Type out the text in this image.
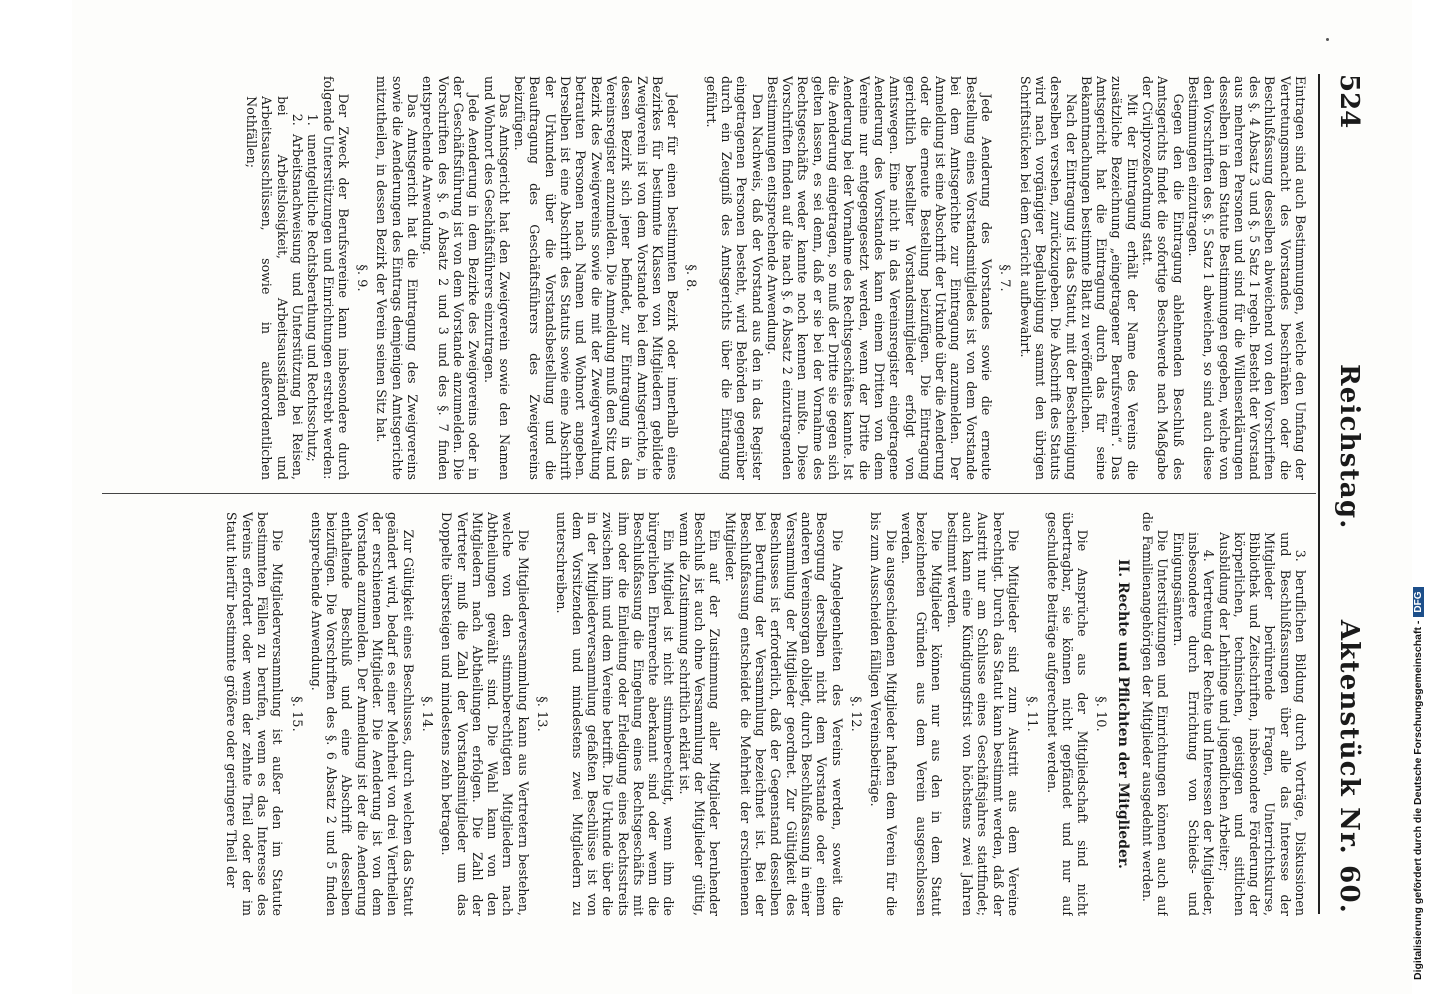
524
Reichstag.
Aktenstück Nr. 60.

Eintragen sind auch Bestimmungen, welche den Umfang der Vertretungsmacht des Vorstandes beschränken oder die Beschlußfassung desselben abweichend von den Vorschriften des §. 4 Absatz 3 und §. 5 Satz 1 regeln. Besteht der Vorstand aus mehreren Personen und sind für die Willenserklärungen desselben in dem Statute Bestimmungen gegeben, welche von den Vorschriften des §. 5 Satz 1 abweichen, so sind auch diese Bestimmungen einzutragen.

Gegen den die Eintragung ablehnenden Beschluß des Amtsgerichts findet die sofortige Beschwerde nach Maßgabe der Civilprozeßordnung statt.

Mit der Eintragung erhält der Name des Vereins die zusätzliche Bezeichnung „eingetragener Berufsverein“. Das Amtsgericht hat die Eintragung durch das für seine Bekanntmachungen bestimmte Blatt zu veröffentlichen.

Nach der Eintragung ist das Statut, mit der Bescheinigung derselben versehen, zurückzugeben. Die Abschrift des Statuts wird nach vorgängiger Beglaubigung sammt den übrigen Schriftstücken bei dem Gericht aufbewahrt.

§. 7.

Jede Aenderung des Vorstandes sowie die erneute Bestellung eines Vorstandsmitgliedes ist von dem Vorstande bei dem Amtsgerichte zur Eintragung anzumelden. Der Anmeldung ist eine Abschrift der Urkunde über die Aenderung oder die erneute Bestellung beizufügen. Die Eintragung gerichtlich bestellter Vorstandsmitglieder erfolgt von Amtswegen. Eine nicht in das Vereinsregister eingetragene Aenderung des Vorstandes kann einem Dritten von dem Vereine nur entgegengesetzt werden, wenn der Dritte die Aenderung bei der Vornahme des Rechtsgeschäftes kannte. Ist die Aenderung eingetragen, so muß der Dritte sie gegen sich gelten lassen, es sei denn, daß er sie bei der Vornahme des Rechtsgeschäfts weder kannte noch kennen mußte. Diese Vorschriften finden auf die nach §. 6 Absatz 2 einzutragenden Bestimmungen entsprechende Anwendung.

Den Nachweis, daß der Vorstand aus den in das Register eingetragenen Personen besteht, wird Behörden gegenüber durch ein Zeugniß des Amtsgerichts über die Eintragung geführt.

§. 8.

Jeder für einen bestimmten Bezirk oder innerhalb eines Bezirkes für bestimmte Klassen von Mitgliedern gebildete Zweigverein ist von dem Vorstande bei dem Amtsgerichte, in dessen Bezirk sich jener befindet, zur Eintragung in das Vereinsregister anzumelden. Die Anmeldung muß den Sitz und Bezirk des Zweigvereins sowie die mit der Zweigverwaltung betrauten Personen nach Namen und Wohnort angeben. Derselben ist eine Abschrift des Statuts sowie eine Abschrift der Urkunden über die Vorstandsbestellung und die Beauftragung des Geschäftsführers des Zweigvereins beizufügen.

Das Amtsgericht hat den Zweigverein sowie den Namen und Wohnort des Geschäftsführers einzutragen.

Jede Aenderung in dem Bezirke des Zweigvereins oder in der Geschäftsführung ist von dem Vorstande anzumelden. Die Vorschriften des §. 6 Absatz 2 und 3 und des §. 7 finden entsprechende Anwendung.

Das Amtsgericht hat die Eintragung des Zweigvereins sowie die Aenderungen des Eintrags demjenigen Amtsgerichte mitzutheilen, in dessen Bezirk der Verein seinen Sitz hat.

§. 9.

Der Zweck der Berufsvereine kann insbesondere durch folgende Unterstützungen und Einrichtungen erstrebt werden:

1.unentgeltliche Rechtsberathung und Rechtsschutz;

2.Arbeitsnachweisung und Unterstützung bei Reisen, bei Arbeitslosigkeit, Arbeitsausständen und Arbeitsausschlüssen, sowie in außerordentlichen Nothfällen;

3.beruflichen Bildung durch Vorträge, Diskussionen und Beschlußfassungen über alle das Interesse der Mitglieder berührende Fragen, Unterrichtskurse, Bibliothek und Zeitschriften, insbesondere Förderung der körperlichen, technischen, geistigen und sittlichen Ausbildung der Lehrlinge und jugendlichen Arbeiter;

4.Vertretung der Rechte und Interessen der Mitglieder, insbesondere durch Errichtung von Schieds- und Einigungsämtern.

Die Unterstützungen und Einrichtungen können auch auf die Familienangehörigen der Mitglieder ausgedehnt werden.

II. Rechte und Pflichten der Mitglieder.
§. 10.

Die Ansprüche aus der Mitgliedschaft sind nicht übertragbar, sie können nicht gepfändet und nur auf geschuldete Beiträge aufgerechnet werden.

§. 11.

Die Mitglieder sind zum Austritt aus dem Vereine berechtigt. Durch das Statut kann bestimmt werden, daß der Austritt nur am Schlusse eines Geschäftsjahres stattfindet; auch kann eine Kündigungsfrist von höchstens zwei Jahren bestimmt werden.

Die Mitglieder können nur aus den in dem Statut bezeichneten Gründen aus dem Verein ausgeschlossen werden.

Die ausgeschiedenen Mitglieder haften dem Verein für die bis zum Ausscheiden fälligen Vereinsbeiträge.

§. 12.

Die Angelegenheiten des Vereins werden, soweit die Besorgung derselben nicht dem Vorstande oder einem anderen Vereinsorgan obliegt, durch Beschlußfassung in einer Versammlung der Mitglieder geordnet. Zur Gültigkeit des Beschlusses ist erforderlich, daß der Gegenstand desselben bei Berufung der Versammlung bezeichnet ist. Bei der Beschlußfassung entscheidet die Mehrheit der erschienenen Mitglieder.

Ein auf der Zustimmung aller Mitglieder beruhender Beschluß ist auch ohne Versammlung der Mitglieder gültig, wenn die Zustimmung schriftlich erklärt ist.

Ein Mitglied ist nicht stimmberechtigt, wenn ihm die bürgerlichen Ehrenrechte aberkannt sind oder wenn die Beschlußfassung die Eingehung eines Rechtsgeschäfts mit ihm oder die Einleitung oder Erledigung eines Rechtsstreits zwischen ihm und dem Vereine betrifft. Die Urkunde über die in der Mitgliederversammlung gefaßten Beschlüsse ist von dem Vorsitzenden und mindestens zwei Mitgliedern zu unterschreiben.

§. 13.

Die Mitgliederversammlung kann aus Vertretern bestehen, welche von den stimmberechtigten Mitgliedern nach Abtheilungen gewählt sind. Die Wahl kann von den Mitgliedern nach Abtheilungen erfolgen. Die Zahl der Vertreter muß die Zahl der Vorstandsmitglieder um das Doppelte übersteigen und mindestens zehn betragen.

§. 14.

Zur Gültigkeit eines Beschlusses, durch welchen das Statut geändert wird, bedarf es einer Mehrheit von drei Viertheilen der erschienenen Mitglieder. Die Aenderung ist von dem Vorstande anzumelden. Der Anmeldung ist der die Aenderung enthaltende Beschluß und eine Abschrift desselben beizufügen. Die Vorschriften des §. 6 Absatz 2 und 5 finden entsprechende Anwendung.

§. 15.

Die Mitgliederversammlung ist außer den im Statute bestimmten Fällen zu berufen, wenn es das Interesse des Vereins erfordert oder wenn der zehnte Theil oder der im Statut hierfür bestimmte größere oder geringere Theil der	Digitalisierung gefördert durch die Deutsche Forschungsgemeinschaft -DFG
